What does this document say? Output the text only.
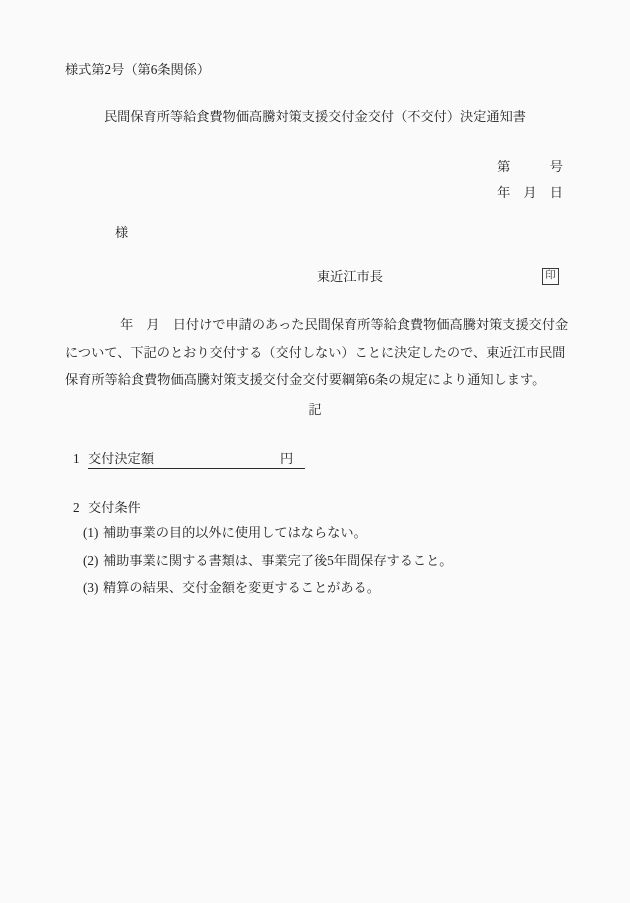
様式第2号（第6条関係）
民間保育所等給食費物価高騰対策支援交付金交付（不交付）決定通知書
第　　　号
年　月　日
様
東近江市長	印
年　月　日付けで申請のあった民間保育所等給食費物価高騰対策支援交付金
について、下記のとおり交付する（交付しない）ことに決定したので、東近江市民間
保育所等給食費物価高騰対策支援交付金交付要綱第6条の規定により通知します。
記
1 交付決定額	円
2 交付条件
(1) 補助事業の目的以外に使用してはならない。
(2) 補助事業に関する書類は、事業完了後5年間保存すること。
(3) 精算の結果、交付金額を変更することがある。
